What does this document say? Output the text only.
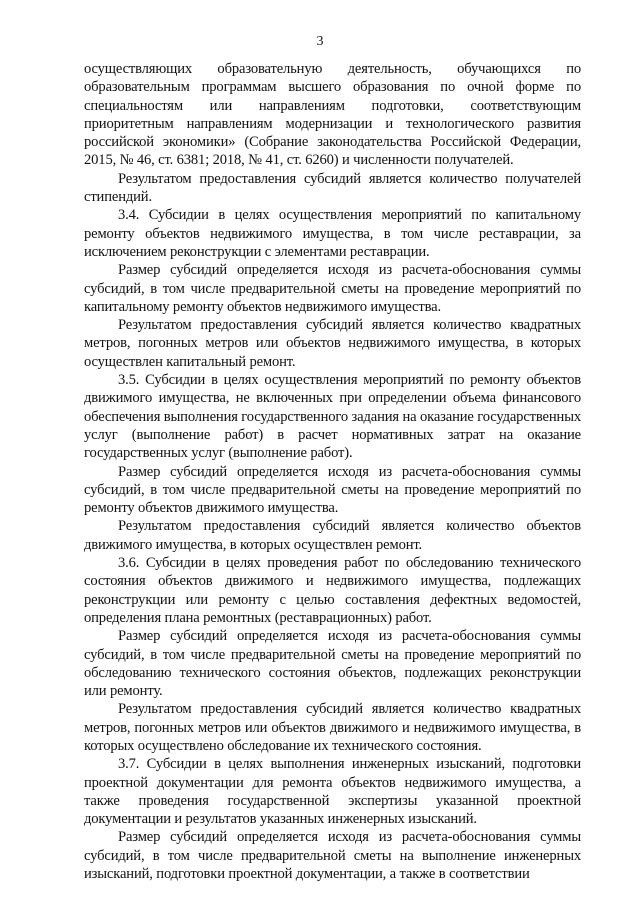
3

осуществляющих образовательную деятельность, обучающихся по образовательным программам высшего образования по очной форме по специальностям или направлениям подготовки, соответствующим приоритетным направлениям модернизации и технологического развития российской экономики» (Собрание законодательства Российской Федерации, 2015, № 46, ст. 6381; 2018, № 41, ст. 6260) и численности получателей.

Результатом предоставления субсидий является количество получателей стипендий.

3.4. Субсидии в целях осуществления мероприятий по капитальному ремонту объектов недвижимого имущества, в том числе реставрации, за исключением реконструкции с элементами реставрации.

Размер субсидий определяется исходя из расчета-обоснования суммы субсидий, в том числе предварительной сметы на проведение мероприятий по капитальному ремонту объектов недвижимого имущества.

Результатом предоставления субсидий является количество квадратных метров, погонных метров или объектов недвижимого имущества, в которых осуществлен капитальный ремонт.

3.5. Субсидии в целях осуществления мероприятий по ремонту объектов движимого имущества, не включенных при определении объема финансового обеспечения выполнения государственного задания на оказание государственных услуг (выполнение работ) в расчет нормативных затрат на оказание государственных услуг (выполнение работ).

Размер субсидий определяется исходя из расчета-обоснования суммы субсидий, в том числе предварительной сметы на проведение мероприятий по ремонту объектов движимого имущества.

Результатом предоставления субсидий является количество объектов движимого имущества, в которых осуществлен ремонт.

3.6. Субсидии в целях проведения работ по обследованию технического состояния объектов движимого и недвижимого имущества, подлежащих реконструкции или ремонту с целью составления дефектных ведомостей, определения плана ремонтных (реставрационных) работ.

Размер субсидий определяется исходя из расчета-обоснования суммы субсидий, в том числе предварительной сметы на проведение мероприятий по обследованию технического состояния объектов, подлежащих реконструкции или ремонту.

Результатом предоставления субсидий является количество квадратных метров, погонных метров или объектов движимого и недвижимого имущества, в которых осуществлено обследование их технического состояния.

3.7. Субсидии в целях выполнения инженерных изысканий, подготовки проектной документации для ремонта объектов недвижимого имущества, а также проведения государственной экспертизы указанной проектной документации и результатов указанных инженерных изысканий.

Размер субсидий определяется исходя из расчета-обоснования суммы субсидий, в том числе предварительной сметы на выполнение инженерных изысканий, подготовки проектной документации, а также в соответствии
